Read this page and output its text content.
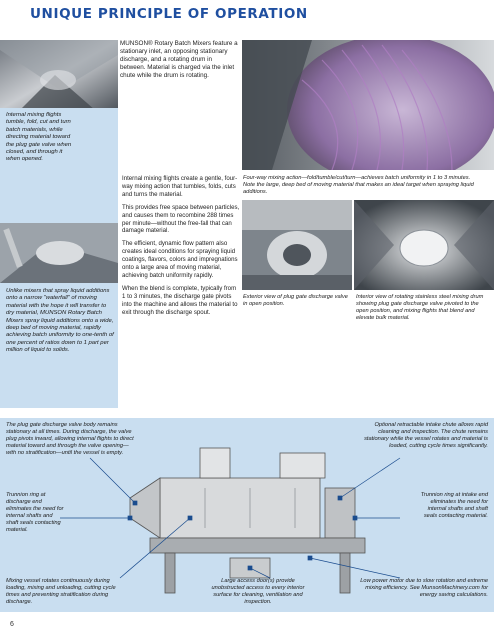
UNIQUE PRINCIPLE OF OPERATION
MUNSON® Rotary Batch Mixers feature a stationary inlet, an opposing stationary discharge, and a rotating drum in between. Material is charged via the inlet chute while the drum is rotating.
Internal mixing flights tumble, fold, cut and turn batch materials, while directing material toward the plug gate valve when closed, and through it when opened.
Unlike mixers that spray liquid additions onto a narrow "waterfall" of moving material with the hope it will transfer to dry material, MUNSON Rotary Batch Mixers spray liquid additions onto a wide, deep bed of moving material, rapidly achieving batch uniformity to one-tenth of one percent of ratios down to 1 part per million of liquid to solids.

Internal mixing flights create a gentle, four-way mixing action that tumbles, folds, cuts and turns the material.

This provides free space between particles, and causes them to recombine 288 times per minute—without the free-fall that can damage material.

The efficient, dynamic flow pattern also creates ideal conditions for spraying liquid coatings, flavors, colors and impregnations onto a large area of moving material, achieving batch uniformity rapidly.

When the blend is complete, typically from 1 to 3 minutes, the discharge gate pivots into the machine and allows the material to exit through the discharge spout.

Four-way mixing action—fold/tumble/cut/turn—achieves batch uniformity in 1 to 3 minutes. Note the large, deep bed of moving material that makes an ideal target when spraying liquid additions.
Exterior view of plug gate discharge valve in open position.
Interior view of rotating stainless steel mixing drum showing plug gate discharge valve pivoted to the open position, and mixing flights that blend and elevate bulk material.
The plug gate discharge valve body remains stationary at all times. During discharge, the valve plug pivots inward, allowing internal flights to direct material toward and through the valve opening—with no stratification—until the vessel is empty.
Optional retractable intake chute allows rapid cleaning and inspection. The chute remains stationary while the vessel rotates and material is loaded, cutting cycle times significantly.
Trunnion ring at discharge end eliminates the need for internal shafts and shaft seals contacting material.
Trunnion ring at intake end eliminates the need for internal shafts and shaft seals contacting material.
Mixing vessel rotates continuously during loading, mixing and unloading, cutting cycle times and preventing stratification during discharge.
Large access door(s) provide unobstructed access to every interior surface for cleaning, ventilation and inspection.
Low power motor due to slow rotation and extreme mixing efficiency. See MunsonMachinery.com for energy saving calculations.
6
